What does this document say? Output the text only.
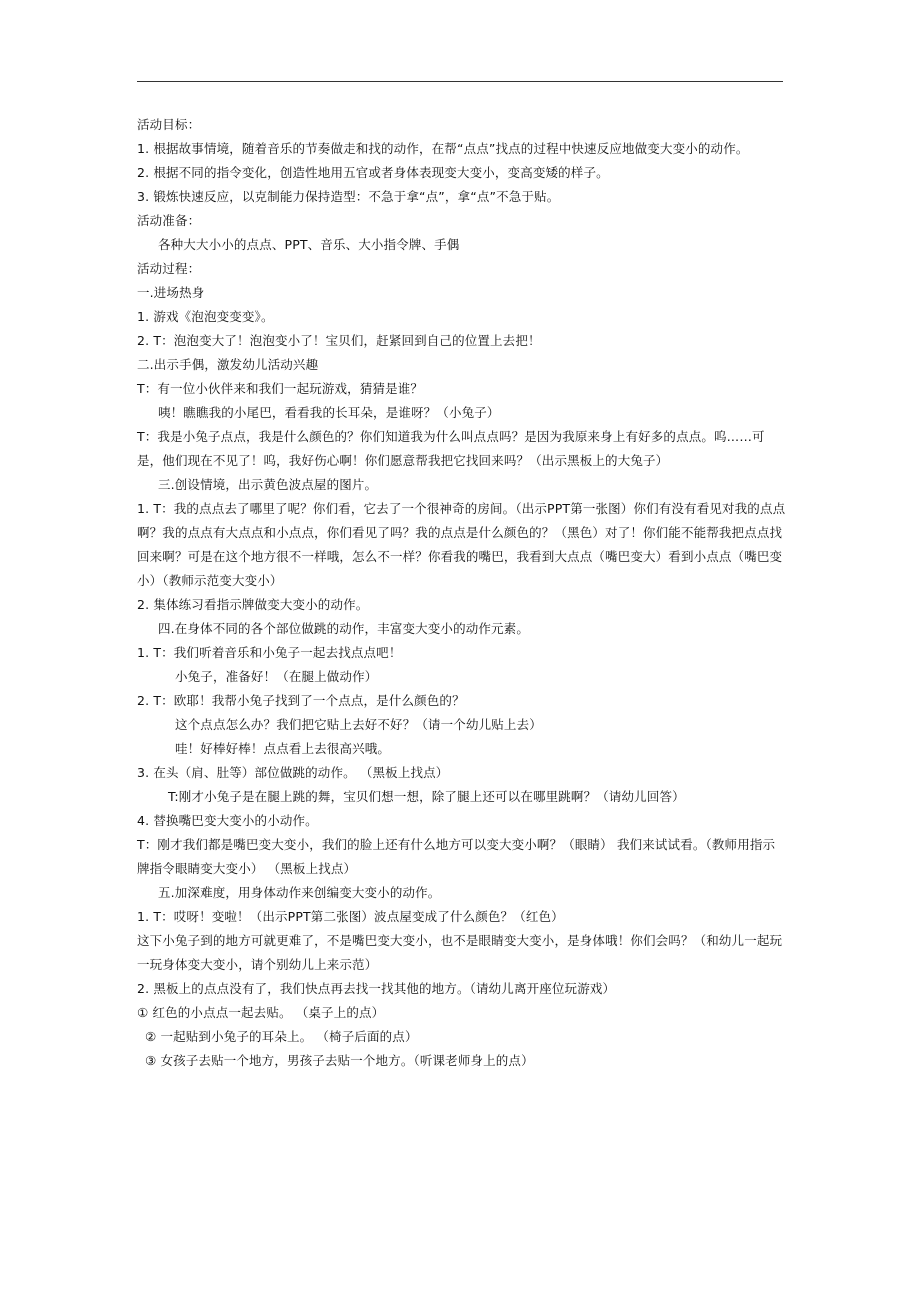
活动目标：
1. 根据故事情境，随着音乐的节奏做走和找的动作，在帮“点点”找点的过程中快速反应地做变大变小的动作。
2. 根据不同的指令变化，创造性地用五官或者身体表现变大变小，变高变矮的样子。
3. 锻炼快速反应，以克制能力保持造型：不急于拿“点”，拿“点”不急于贴。
活动准备：
各种大大小小的点点、PPT、音乐、大小指令牌、手偶
活动过程：
一.进场热身
1. 游戏《泡泡变变变》。
2. T：泡泡变大了！泡泡变小了！宝贝们，赶紧回到自己的位置上去把！
二.出示手偶，激发幼儿活动兴趣
T：有一位小伙伴来和我们一起玩游戏，猜猜是谁？
咦！瞧瞧我的小尾巴，看看我的长耳朵，是谁呀？（小兔子）
T：我是小兔子点点，我是什么颜色的？你们知道我为什么叫点点吗？是因为我原来身上有好多的点点。呜……可是，他们现在不见了！呜，我好伤心啊！你们愿意帮我把它找回来吗？（出示黑板上的大兔子）
三.创设情境，出示黄色波点屋的图片。
1. T：我的点点去了哪里了呢？你们看，它去了一个很神奇的房间。（出示PPT第一张图）你们有没有看见对我的点点啊？我的点点有大点点和小点点，你们看见了吗？我的点点是什么颜色的？（黑色）对了！你们能不能帮我把点点找回来啊？可是在这个地方很不一样哦，怎么不一样？你看我的嘴巴，我看到大点点（嘴巴变大）看到小点点（嘴巴变小）（教师示范变大变小）
2. 集体练习看指示牌做变大变小的动作。
四.在身体不同的各个部位做跳的动作，丰富变大变小的动作元素。
1. T：我们听着音乐和小兔子一起去找点点吧！
小兔子，准备好！（在腿上做动作）
2. T：欧耶！我帮小兔子找到了一个点点，是什么颜色的？
这个点点怎么办？我们把它贴上去好不好？（请一个幼儿贴上去）
哇！好棒好棒！点点看上去很高兴哦。
3. 在头（肩、肚等）部位做跳的动作。 （黑板上找点）
T:刚才小兔子是在腿上跳的舞，宝贝们想一想，除了腿上还可以在哪里跳啊？（请幼儿回答）
4. 替换嘴巴变大变小的小动作。
T：刚才我们都是嘴巴变大变小，我们的脸上还有什么地方可以变大变小啊？（眼睛） 我们来试试看。（教师用指示牌指令眼睛变大变小） （黑板上找点）
五.加深难度，用身体动作来创编变大变小的动作。
1. T：哎呀！变啦！（出示PPT第二张图）波点屋变成了什么颜色？（红色）
这下小兔子到的地方可就更难了，不是嘴巴变大变小，也不是眼睛变大变小，是身体哦！你们会吗？（和幼儿一起玩一玩身体变大变小，请个别幼儿上来示范）
2. 黑板上的点点没有了，我们快点再去找一找其他的地方。（请幼儿离开座位玩游戏）
① 红色的小点点一起去贴。 （桌子上的点）
② 一起贴到小兔子的耳朵上。 （椅子后面的点）
③ 女孩子去贴一个地方，男孩子去贴一个地方。（听课老师身上的点）
